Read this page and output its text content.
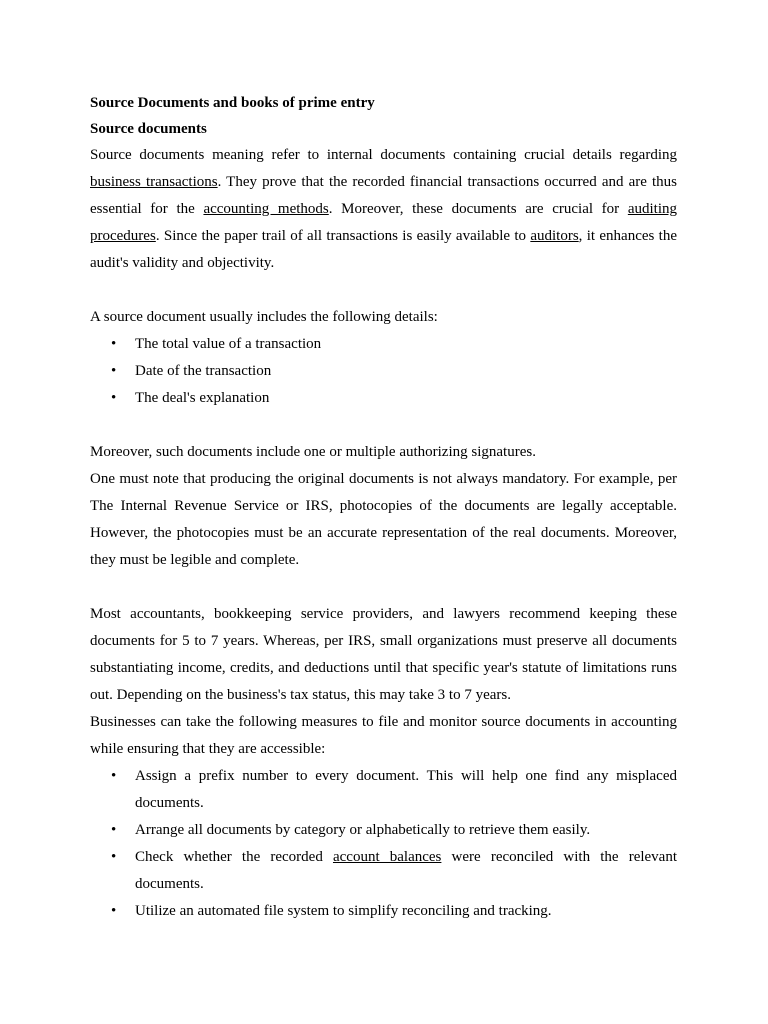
Source Documents and books of prime entry

Source documents

Source documents meaning refer to internal documents containing crucial details regarding business transactions. They prove that the recorded financial transactions occurred and are thus essential for the accounting methods. Moreover, these documents are crucial for auditing procedures. Since the paper trail of all transactions is easily available to auditors, it enhances the audit's validity and objectivity.

A source document usually includes the following details:

• The total value of a transaction
• Date of the transaction
• The deal's explanation

Moreover, such documents include one or multiple authorizing signatures.

One must note that producing the original documents is not always mandatory. For example, per The Internal Revenue Service or IRS, photocopies of the documents are legally acceptable. However, the photocopies must be an accurate representation of the real documents. Moreover, they must be legible and complete.

Most accountants, bookkeeping service providers, and lawyers recommend keeping these documents for 5 to 7 years. Whereas, per IRS, small organizations must preserve all documents substantiating income, credits, and deductions until that specific year's statute of limitations runs out. Depending on the business's tax status, this may take 3 to 7 years.

Businesses can take the following measures to file and monitor source documents in accounting while ensuring that they are accessible:

• Assign a prefix number to every document. This will help one find any misplaced documents.
• Arrange all documents by category or alphabetically to retrieve them easily.
• Check whether the recorded account balances were reconciled with the relevant documents.
• Utilize an automated file system to simplify reconciling and tracking.
